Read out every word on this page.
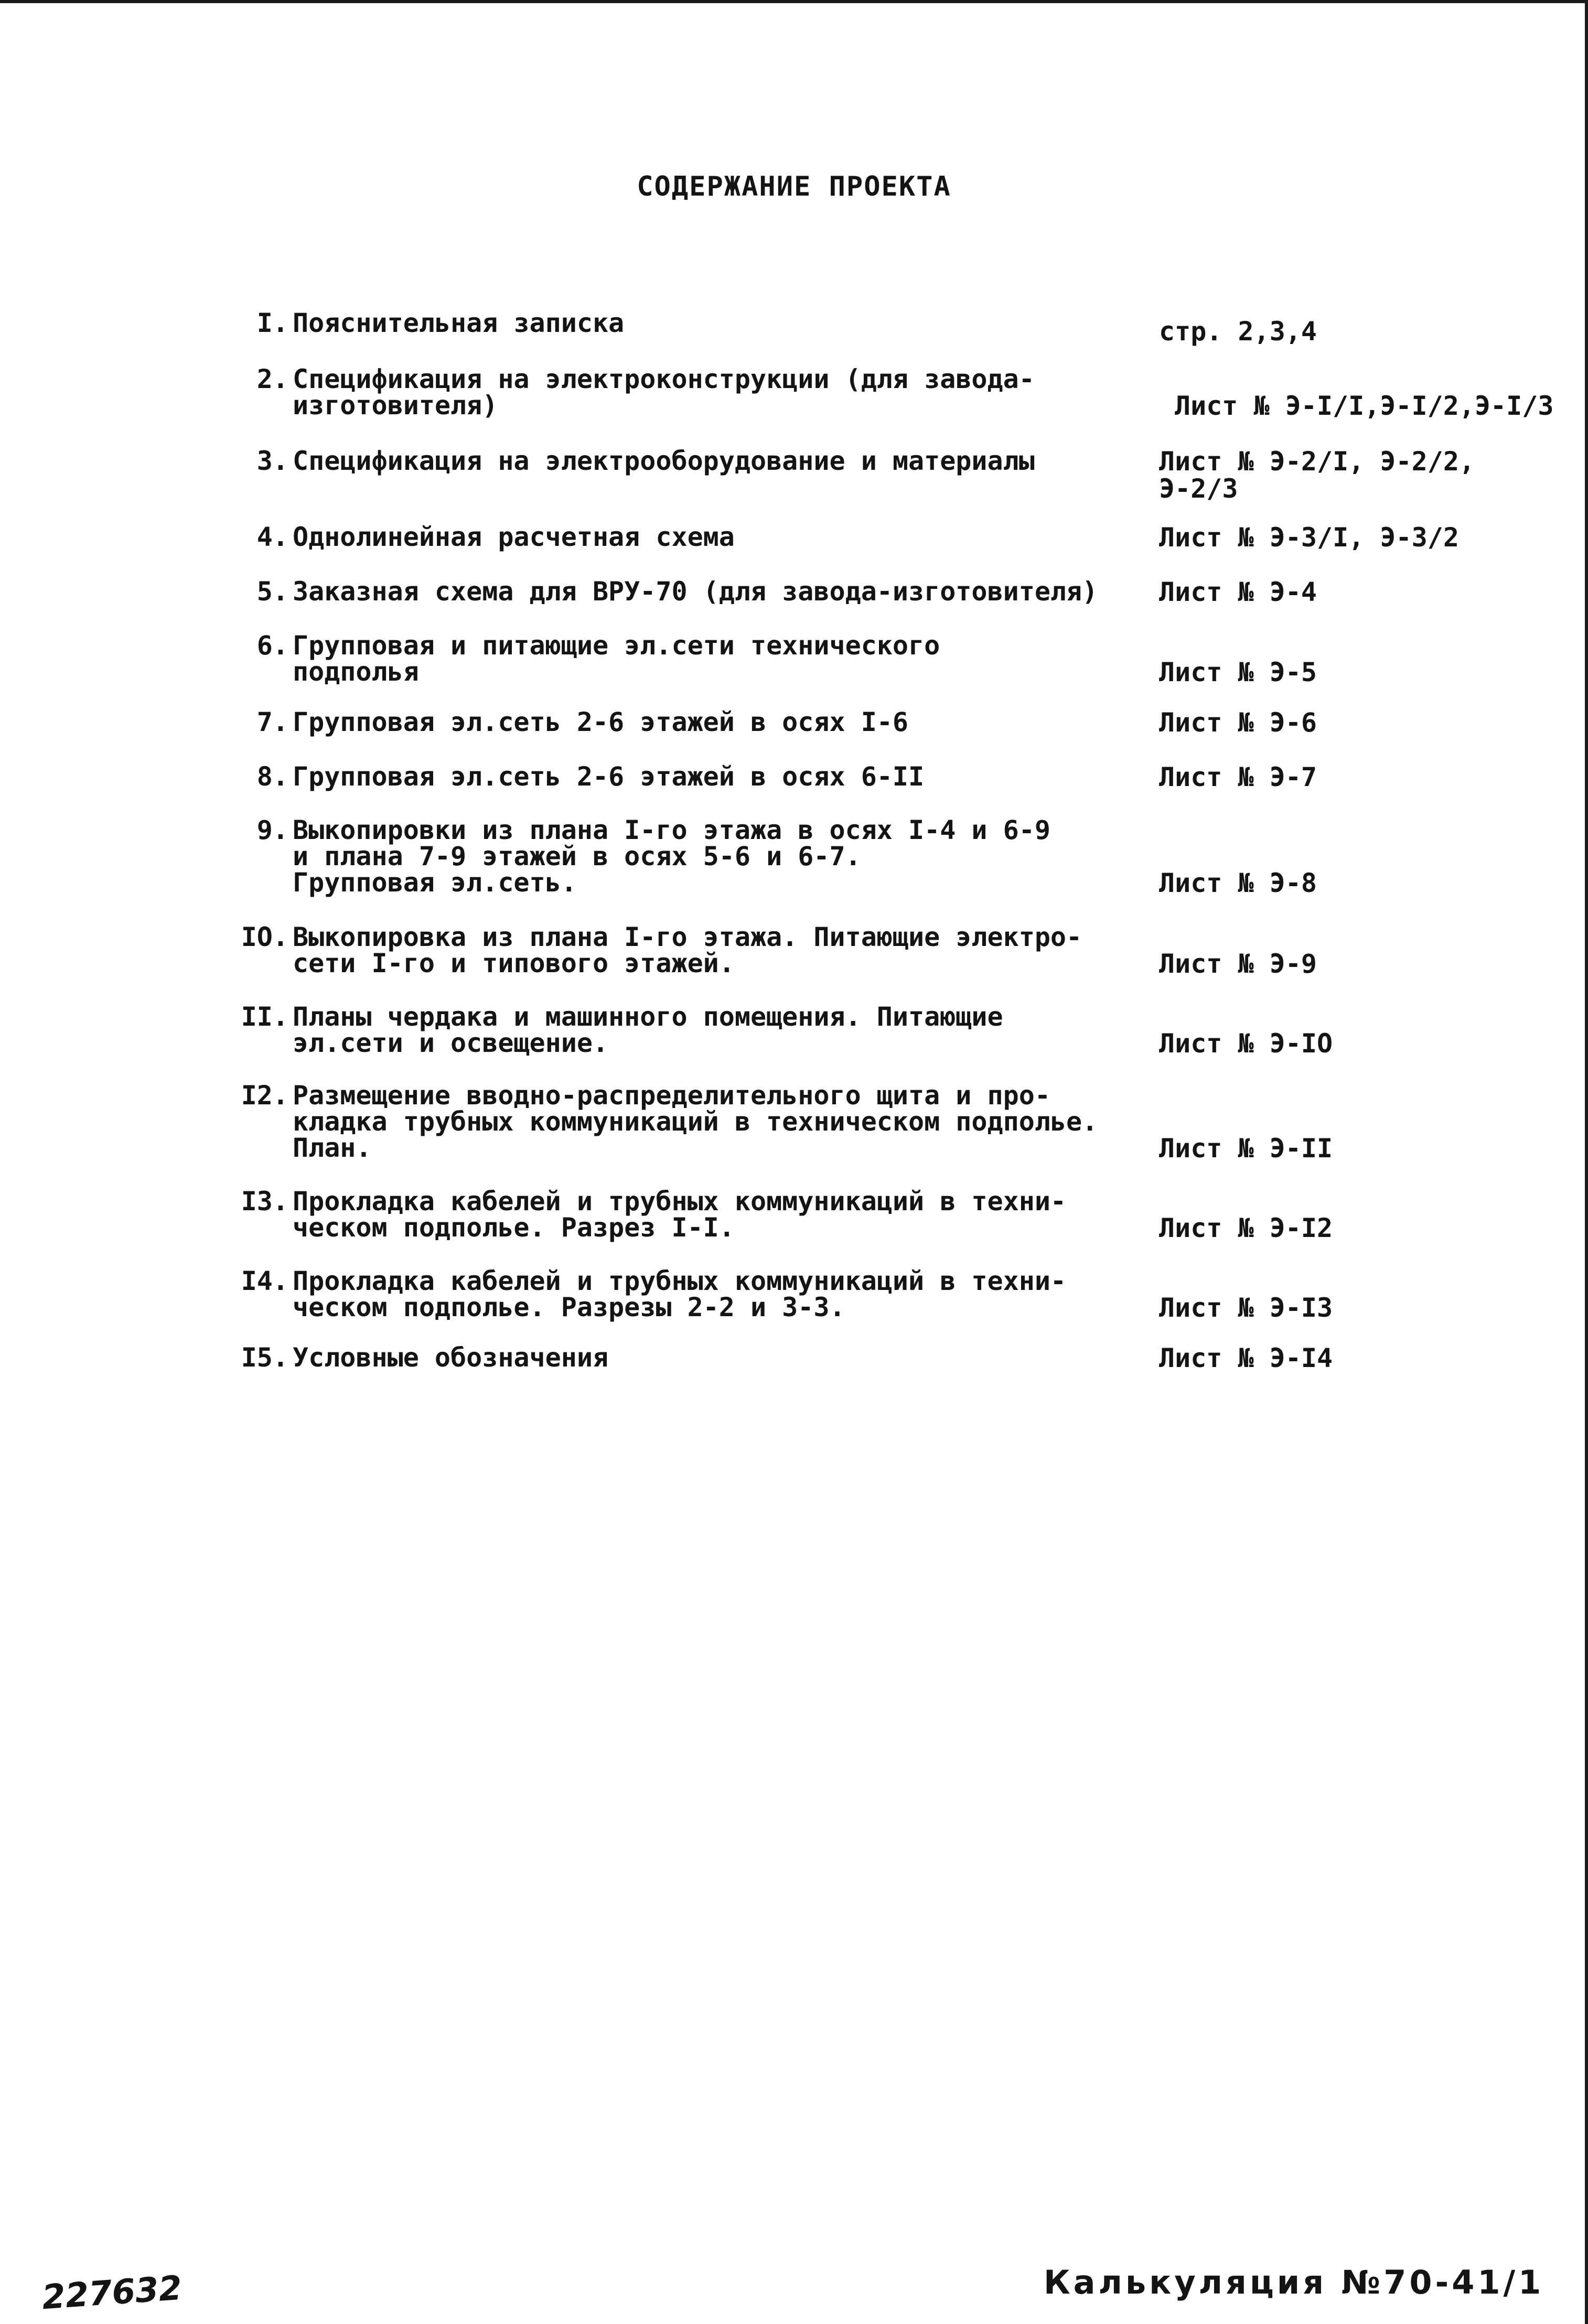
СОДЕРЖАНИЕ ПРОЕКТА
I. Пояснительная записка	стр. 2,3,4
2. Спецификация на электроконструкции (для завода-
изготовителя)	Лист № Э-I/I,Э-I/2,Э-I/3
3. Спецификация на электрооборудование и материалы	Лист № Э-2/I, Э-2/2,
Э-2/3
4. Однолинейная расчетная схема	Лист № Э-3/I, Э-3/2
5. Заказная схема для ВРУ-70 (для завода-изготовителя)	Лист № Э-4
6. Групповая и питающие эл.сети технического
подполья	Лист № Э-5
7. Групповая эл.сеть 2-6 этажей в осях I-6	Лист № Э-6
8. Групповая эл.сеть 2-6 этажей в осях 6-II	Лист № Э-7
9. Выкопировки из плана I-го этажа в осях I-4 и 6-9
и плана 7-9 этажей в осях 5-6 и 6-7.
Групповая эл.сеть.	Лист № Э-8
IO. Выкопировка из плана I-го этажа. Питающие электро-
сети I-го и типового этажей.	Лист № Э-9
II. Планы чердака и машинного помещения. Питающие
эл.сети и освещение.	Лист № Э-IO
I2. Размещение вводно-распределительного щита и про-
кладка трубных коммуникаций в техническом подполье.
План.	Лист № Э-II
I3. Прокладка кабелей и трубных коммуникаций в техни-
ческом подполье. Разрез I-I.	Лист № Э-I2
I4. Прокладка кабелей и трубных коммуникаций в техни-
ческом подполье. Разрезы 2-2 и 3-3.	Лист № Э-I3
I5. Условные обозначения	Лист № Э-I4
227632	Калькуляция №70-41/1
